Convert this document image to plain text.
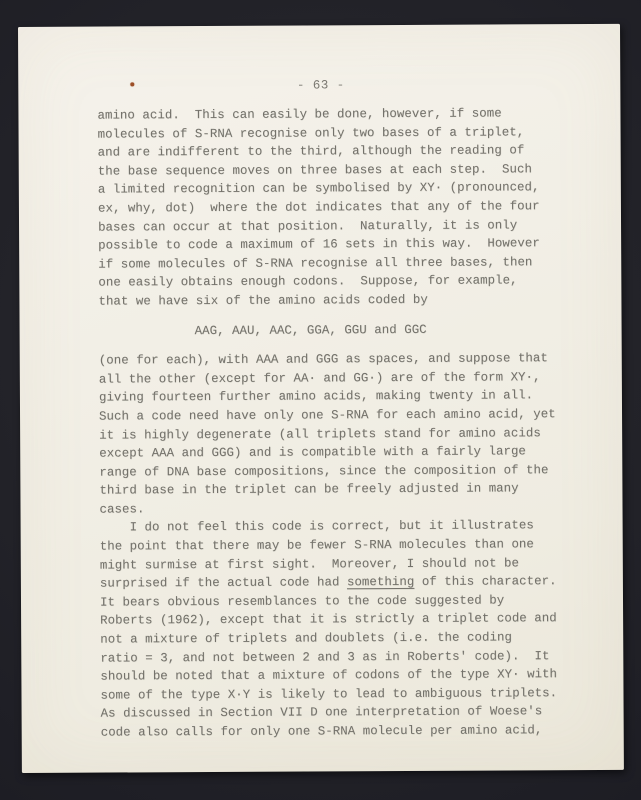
- 63 -
amino acid.  This can easily be done, however, if some
molecules of S-RNA recognise only two bases of a triplet,
and are indifferent to the third, although the reading of
the base sequence moves on three bases at each step.  Such
a limited recognition can be symbolised by XY· (pronounced,
ex, why, dot)  where the dot indicates that any of the four
bases can occur at that position.  Naturally, it is only
possible to code a maximum of 16 sets in this way.  However
if some molecules of S-RNA recognise all three bases, then
one easily obtains enough codons.  Suppose, for example,
that we have six of the amino acids coded by
AAG, AAU, AAC, GGA, GGU and GGC
(one for each), with AAA and GGG as spaces, and suppose that
all the other (except for AA· and GG·) are of the form XY·,
giving fourteen further amino acids, making twenty in all.
Such a code need have only one S-RNA for each amino acid, yet
it is highly degenerate (all triplets stand for amino acids
except AAA and GGG) and is compatible with a fairly large
range of DNA base compositions, since the composition of the
third base in the triplet can be freely adjusted in many
cases.
I do not feel this code is correct, but it illustrates
the point that there may be fewer S-RNA molecules than one
might surmise at first sight.  Moreover, I should not be
surprised if the actual code had something of this character.
It bears obvious resemblances to the code suggested by
Roberts (1962), except that it is strictly a triplet code and
not a mixture of triplets and doublets (i.e. the coding
ratio = 3, and not between 2 and 3 as in Roberts' code).  It
should be noted that a mixture of codons of the type XY· with
some of the type X·Y is likely to lead to ambiguous triplets.
As discussed in Section VII D one interpretation of Woese's
code also calls for only one S-RNA molecule per amino acid,
